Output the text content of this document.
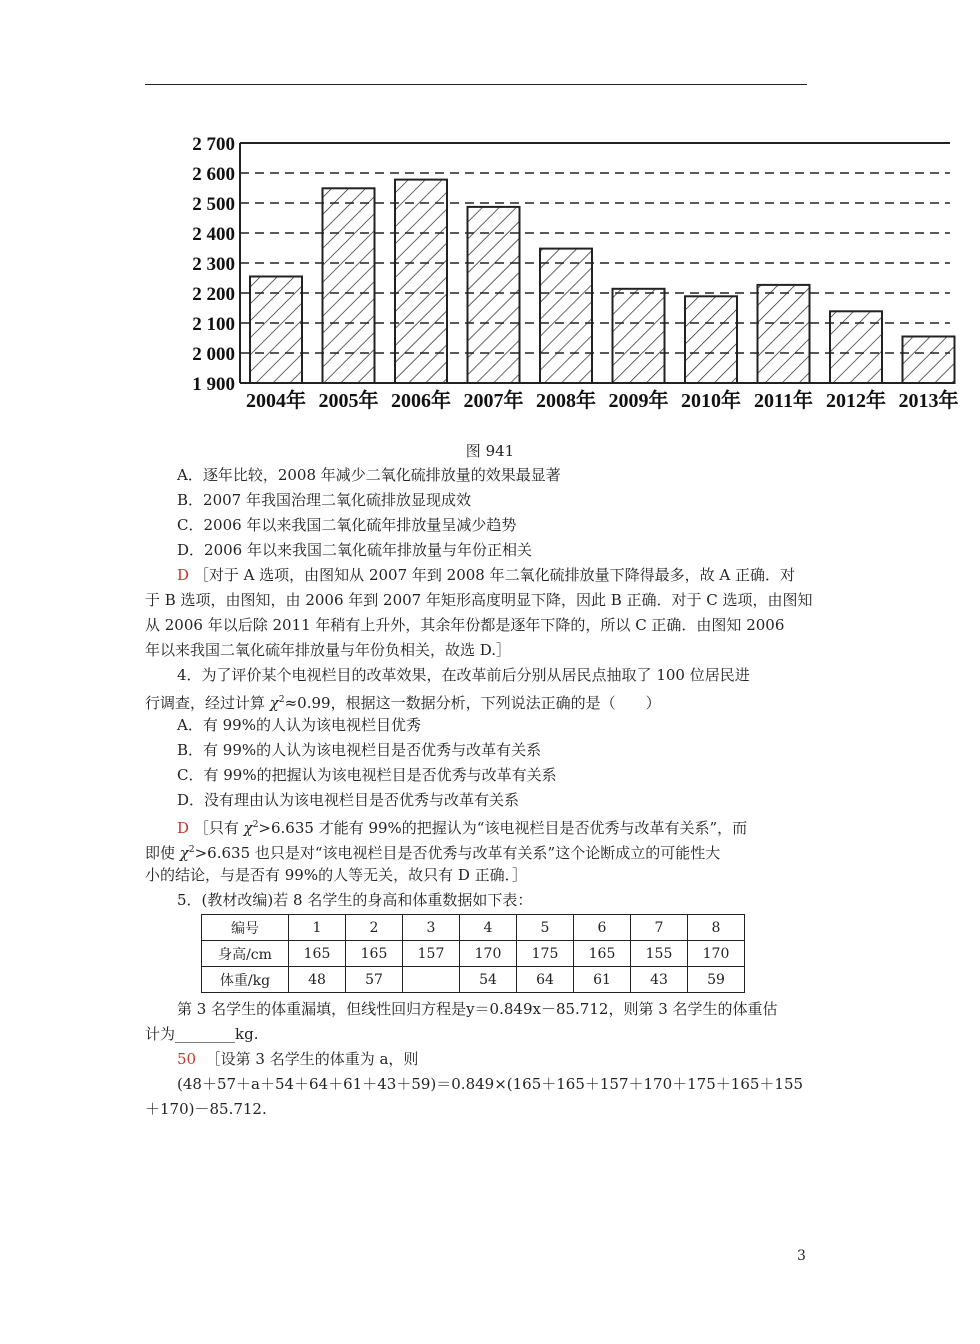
2 700
2 600
2 500
2 400
2 300
2 200
2 100
2 000
1 900
2004年 2005年 2006年 2007年 2008年 2009年 2010年 2011年 2012年 2013年
图 941
A．逐年比较，2008 年减少二氧化硫排放量的效果最显著
B．2007 年我国治理二氧化硫排放显现成效
C．2006 年以来我国二氧化硫年排放量呈减少趋势
D．2006 年以来我国二氧化硫年排放量与年份正相关
D ［对于 A 选项，由图知从 2007 年到 2008 年二氧化硫排放量下降得最多，故 A 正确．对
于 B 选项，由图知，由 2006 年到 2007 年矩形高度明显下降，因此 B 正确．对于 C 选项，由图知
从 2006 年以后除 2011 年稍有上升外，其余年份都是逐年下降的，所以 C 正确．由图知 2006
年以来我国二氧化硫年排放量与年份负相关，故选 D.］
4．为了评价某个电视栏目的改革效果，在改革前后分别从居民点抽取了 100 位居民进
行调查，经过计算 $\chi^2\approx 0.99$，根据这一数据分析，下列说法正确的是（　　）
A．有 99%的人认为该电视栏目优秀
B．有 99%的人认为该电视栏目是否优秀与改革有关系
C．有 99%的把握认为该电视栏目是否优秀与改革有关系
D．没有理由认为该电视栏目是否优秀与改革有关系
D ［只有 $\chi^2>6.635$ 才能有 99%的把握认为“该电视栏目是否优秀与改革有关系”，而
即使 $\chi^2>6.635$ 也只是对“该电视栏目是否优秀与改革有关系”这个论断成立的可能性大
小的结论，与是否有 99%的人等无关，故只有 D 正确．］
5．(教材改编)若 8 名学生的身高和体重数据如下表：
编号	1	2	3	4	5	6	7	8
身高/cm	165	165	157	170	175	165	155	170
体重/kg	48	57		54	64	61	43	59
第 3 名学生的体重漏填，但线性回归方程是y＝0.849x－85.712，则第 3 名学生的体重估
计为________kg.
50 ［设第 3 名学生的体重为 a，则
(48＋57＋a＋54＋64＋61＋43＋59)＝0.849×(165＋165＋157＋170＋175＋165＋155
＋170)－85.712.
3
